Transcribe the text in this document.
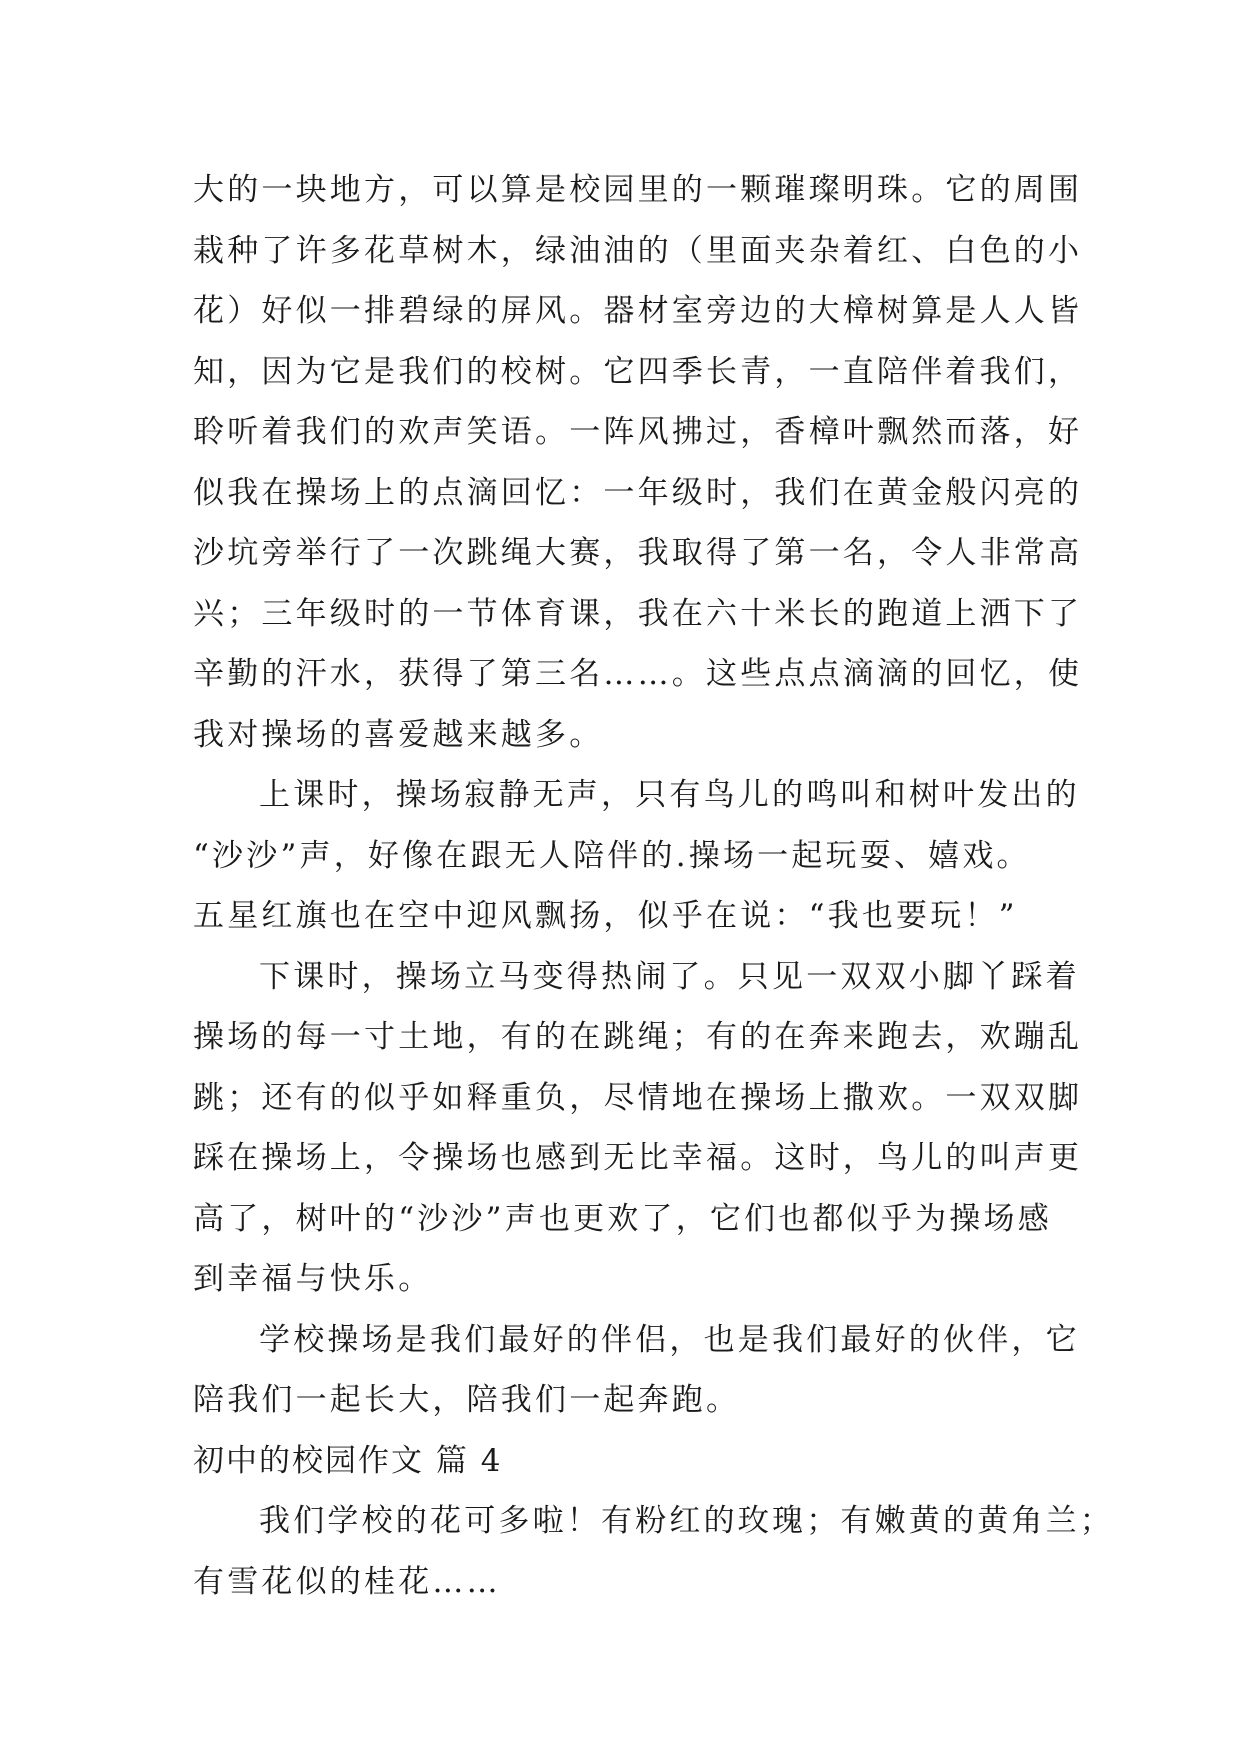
大的一块地方，可以算是校园里的一颗璀璨明珠。它的周围
栽种了许多花草树木，绿油油的（里面夹杂着红、白色的小
花）好似一排碧绿的屏风。器材室旁边的大樟树算是人人皆
知，因为它是我们的校树。它四季长青，一直陪伴着我们，
聆听着我们的欢声笑语。一阵风拂过，香樟叶飘然而落，好
似我在操场上的点滴回忆：一年级时，我们在黄金般闪亮的
沙坑旁举行了一次跳绳大赛，我取得了第一名，令人非常高
兴；三年级时的一节体育课，我在六十米长的跑道上洒下了
辛勤的汗水，获得了第三名……。这些点点滴滴的回忆，使
我对操场的喜爱越来越多。
上课时，操场寂静无声，只有鸟儿的鸣叫和树叶发出的
“沙沙”声，好像在跟无人陪伴的.操场一起玩耍、嬉戏。
五星红旗也在空中迎风飘扬，似乎在说：“我也要玩！”
下课时，操场立马变得热闹了。只见一双双小脚丫踩着
操场的每一寸土地，有的在跳绳；有的在奔来跑去，欢蹦乱
跳；还有的似乎如释重负，尽情地在操场上撒欢。一双双脚
踩在操场上，令操场也感到无比幸福。这时，鸟儿的叫声更
高了，树叶的“沙沙”声也更欢了，它们也都似乎为操场感
到幸福与快乐。
学校操场是我们最好的伴侣，也是我们最好的伙伴，它
陪我们一起长大，陪我们一起奔跑。
初中的校园作文 篇 4
我们学校的花可多啦！有粉红的玫瑰；有嫩黄的黄角兰；
有雪花似的桂花……
